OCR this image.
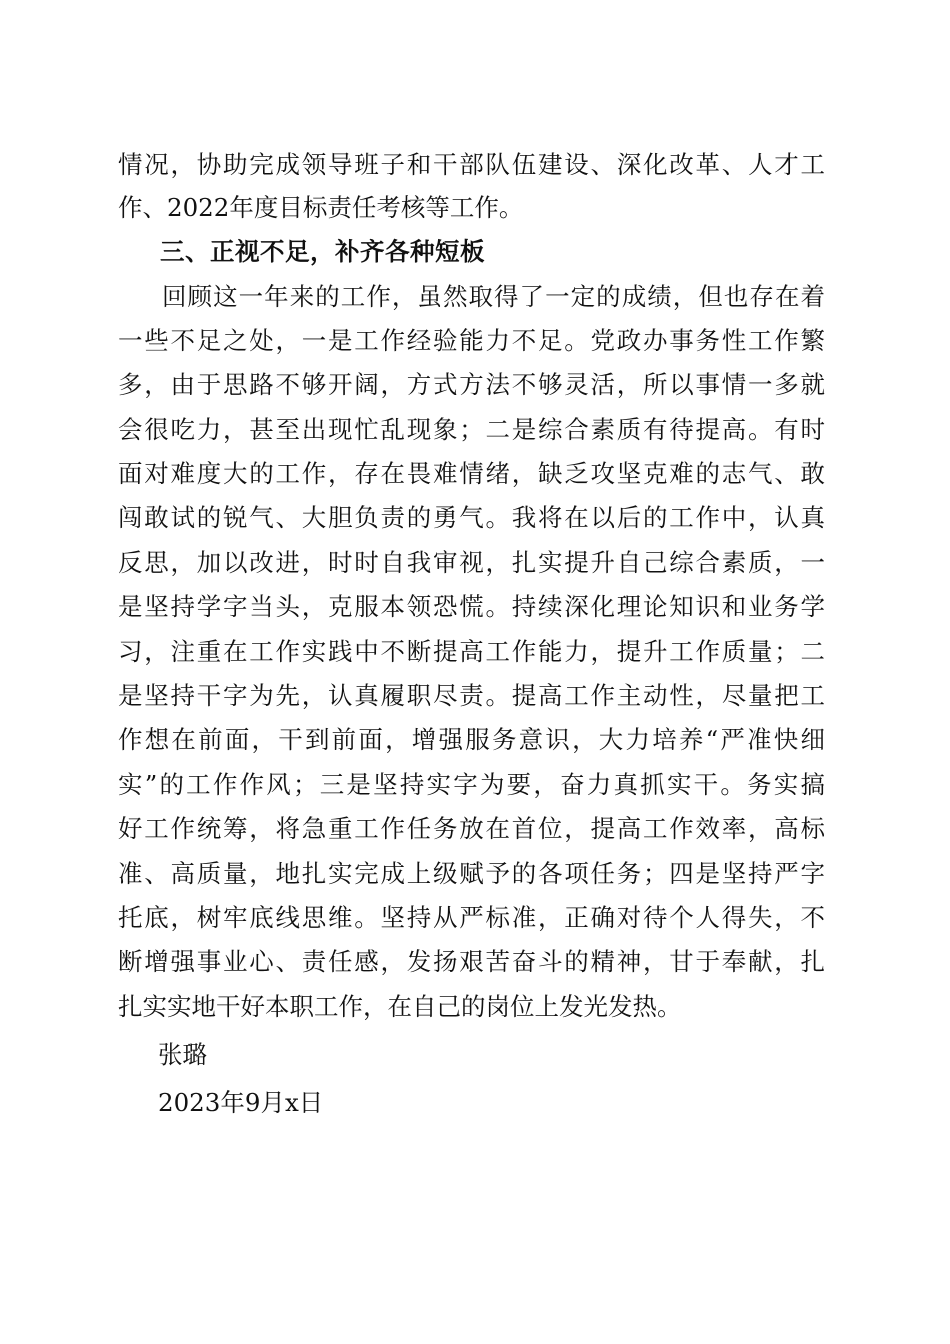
情况，协助完成领导班子和干部队伍建设、深化改革、人才工
作、2022年度目标责任考核等工作。
三、正视不足，补齐各种短板
回顾这一年来的工作，虽然取得了一定的成绩，但也存在着
一些不足之处，一是工作经验能力不足。党政办事务性工作繁
多，由于思路不够开阔，方式方法不够灵活，所以事情一多就
会很吃力，甚至出现忙乱现象；二是综合素质有待提高。有时
面对难度大的工作，存在畏难情绪，缺乏攻坚克难的志气、敢
闯敢试的锐气、大胆负责的勇气。我将在以后的工作中，认真
反思，加以改进，时时自我审视，扎实提升自己综合素质，一
是坚持学字当头，克服本领恐慌。持续深化理论知识和业务学
习，注重在工作实践中不断提高工作能力，提升工作质量；二
是坚持干字为先，认真履职尽责。提高工作主动性，尽量把工
作想在前面，干到前面，增强服务意识，大力培养“严准快细
实”的工作作风；三是坚持实字为要，奋力真抓实干。务实搞
好工作统筹，将急重工作任务放在首位，提高工作效率，高标
准、高质量，地扎实完成上级赋予的各项任务；四是坚持严字
托底，树牢底线思维。坚持从严标准，正确对待个人得失，不
断增强事业心、责任感，发扬艰苦奋斗的精神，甘于奉献，扎
扎实实地干好本职工作，在自己的岗位上发光发热。
张璐
2023年9月x日
